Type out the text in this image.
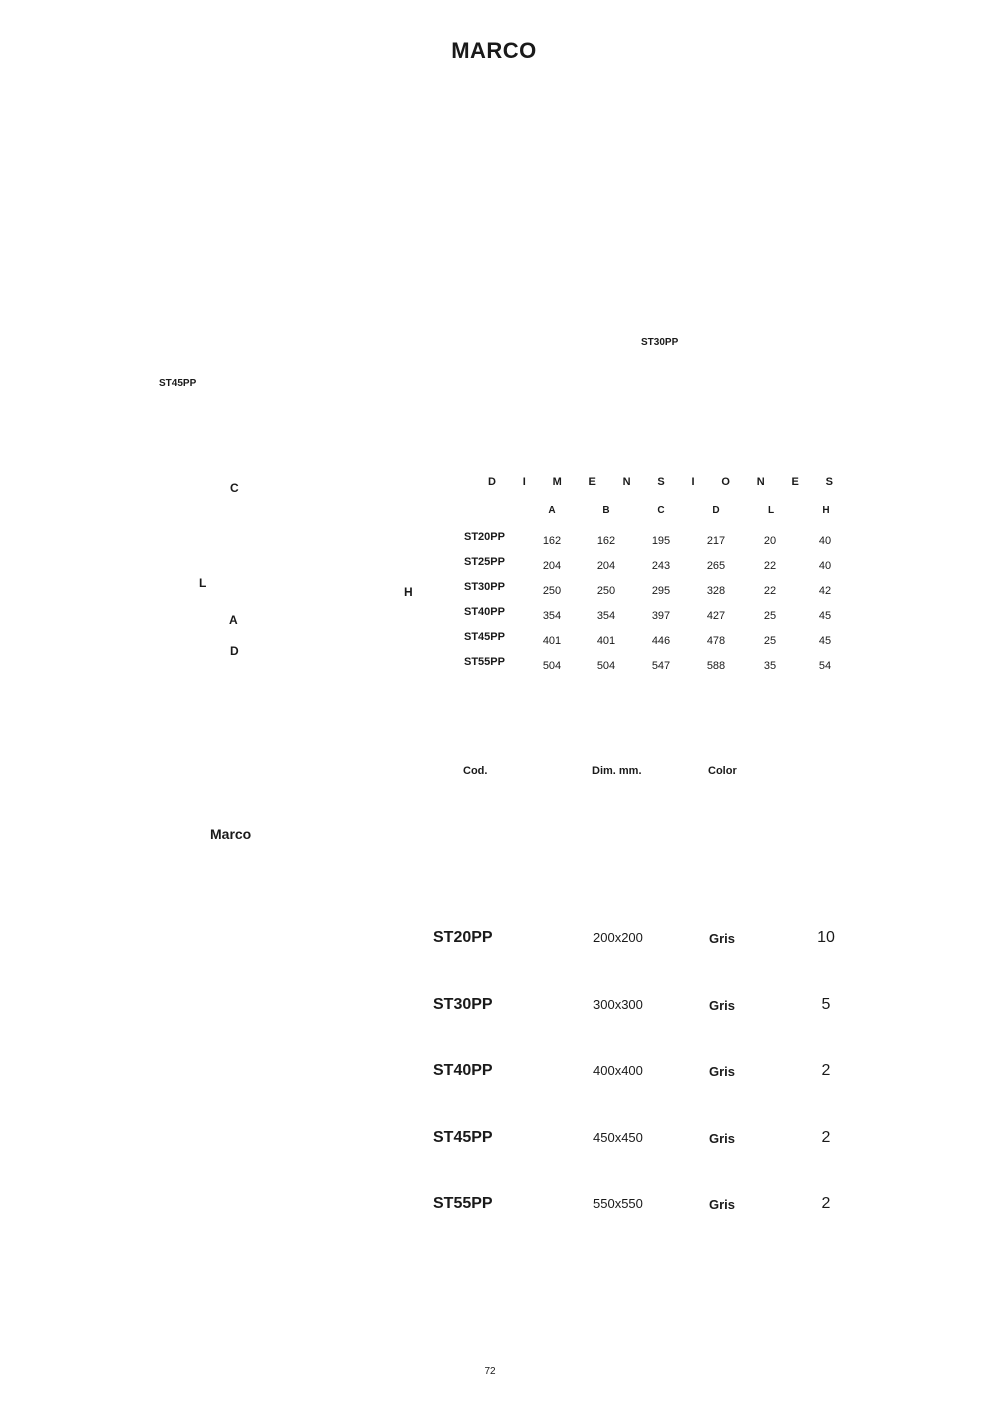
MARCO
ST30PP
ST45PP
C
L
A
D
H
Marco
D I M E N S I O N E S
A	B	C	D	L	H
ST20PP	162	162	195	217	20	40
ST25PP	204	204	243	265	22	40
ST30PP	250	250	295	328	22	42
ST40PP	354	354	397	427	25	45
ST45PP	401	401	446	478	25	45
ST55PP	504	504	547	588	35	54
Cod.	Dim. mm.	Color
ST20PP	200x200	Gris	10
ST30PP	300x300	Gris	5
ST40PP	400x400	Gris	2
ST45PP	450x450	Gris	2
ST55PP	550x550	Gris	2
72
